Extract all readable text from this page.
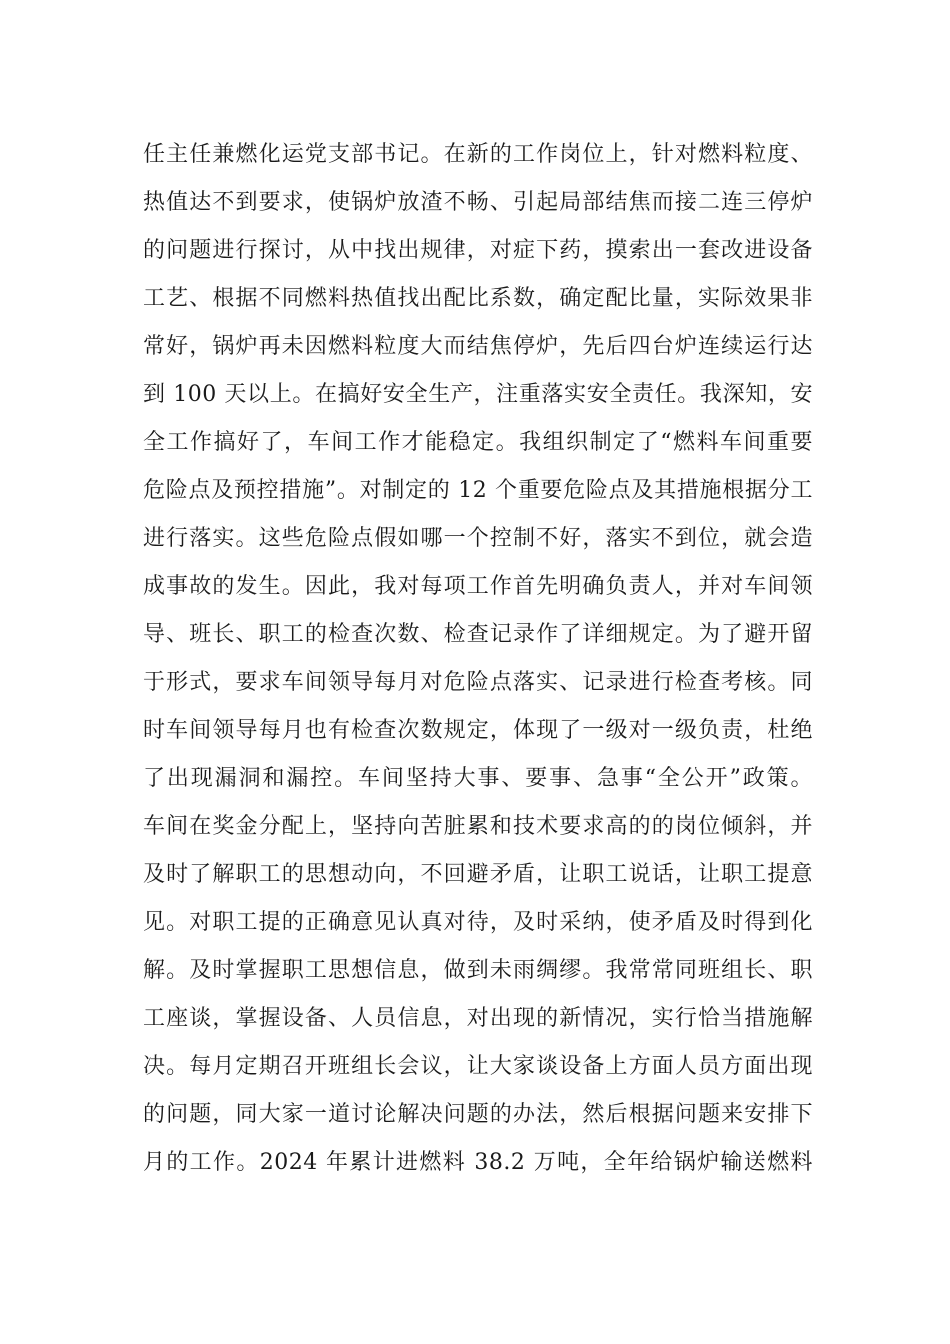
任主任兼燃化运党支部书记。在新的工作岗位上，针对燃料粒度、
热值达不到要求，使锅炉放渣不畅、引起局部结焦而接二连三停炉
的问题进行探讨，从中找出规律，对症下药，摸索出一套改进设备
工艺、根据不同燃料热值找出配比系数，确定配比量，实际效果非
常好，锅炉再未因燃料粒度大而结焦停炉，先后四台炉连续运行达
到 100 天以上。在搞好安全生产，注重落实安全责任。我深知，安
全工作搞好了，车间工作才能稳定。我组织制定了“燃料车间重要
危险点及预控措施”。对制定的 12 个重要危险点及其措施根据分工
进行落实。这些危险点假如哪一个控制不好，落实不到位，就会造
成事故的发生。因此，我对每项工作首先明确负责人，并对车间领
导、班长、职工的检查次数、检查记录作了详细规定。为了避开留
于形式，要求车间领导每月对危险点落实、记录进行检查考核。同
时车间领导每月也有检查次数规定，体现了一级对一级负责，杜绝
了出现漏洞和漏控。车间坚持大事、要事、急事“全公开”政策。
车间在奖金分配上，坚持向苦脏累和技术要求高的的岗位倾斜，并
及时了解职工的思想动向，不回避矛盾，让职工说话，让职工提意
见。对职工提的正确意见认真对待，及时采纳，使矛盾及时得到化
解。及时掌握职工思想信息，做到未雨绸缪。我常常同班组长、职
工座谈，掌握设备、人员信息，对出现的新情况，实行恰当措施解
决。每月定期召开班组长会议，让大家谈设备上方面人员方面出现
的问题，同大家一道讨论解决问题的办法，然后根据问题来安排下
月的工作。2024 年累计进燃料 38.2 万吨，全年给锅炉输送燃料
